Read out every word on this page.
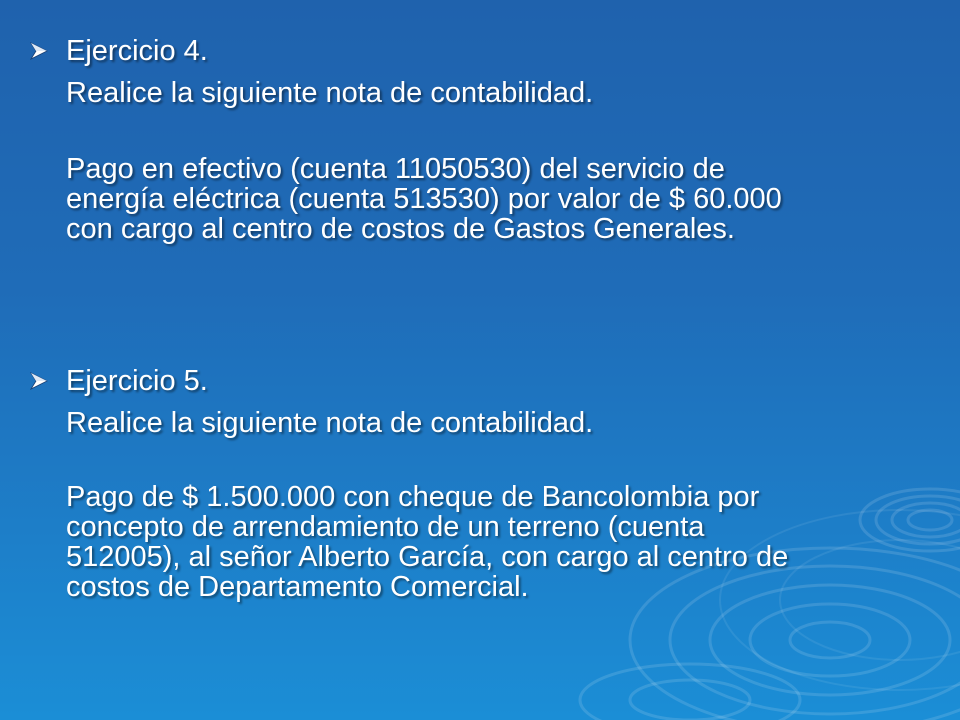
Ejercicio 4.
Realice la siguiente nota de contabilidad.
Pago en efectivo (cuenta 11050530) del servicio de
energía eléctrica (cuenta 513530) por valor de $ 60.000
con cargo al centro de costos de Gastos Generales.
Ejercicio 5.
Realice la siguiente nota de contabilidad.
Pago de $ 1.500.000 con cheque de Bancolombia por
concepto de arrendamiento de un terreno (cuenta
512005), al señor Alberto García, con cargo al centro de
costos de Departamento Comercial.
